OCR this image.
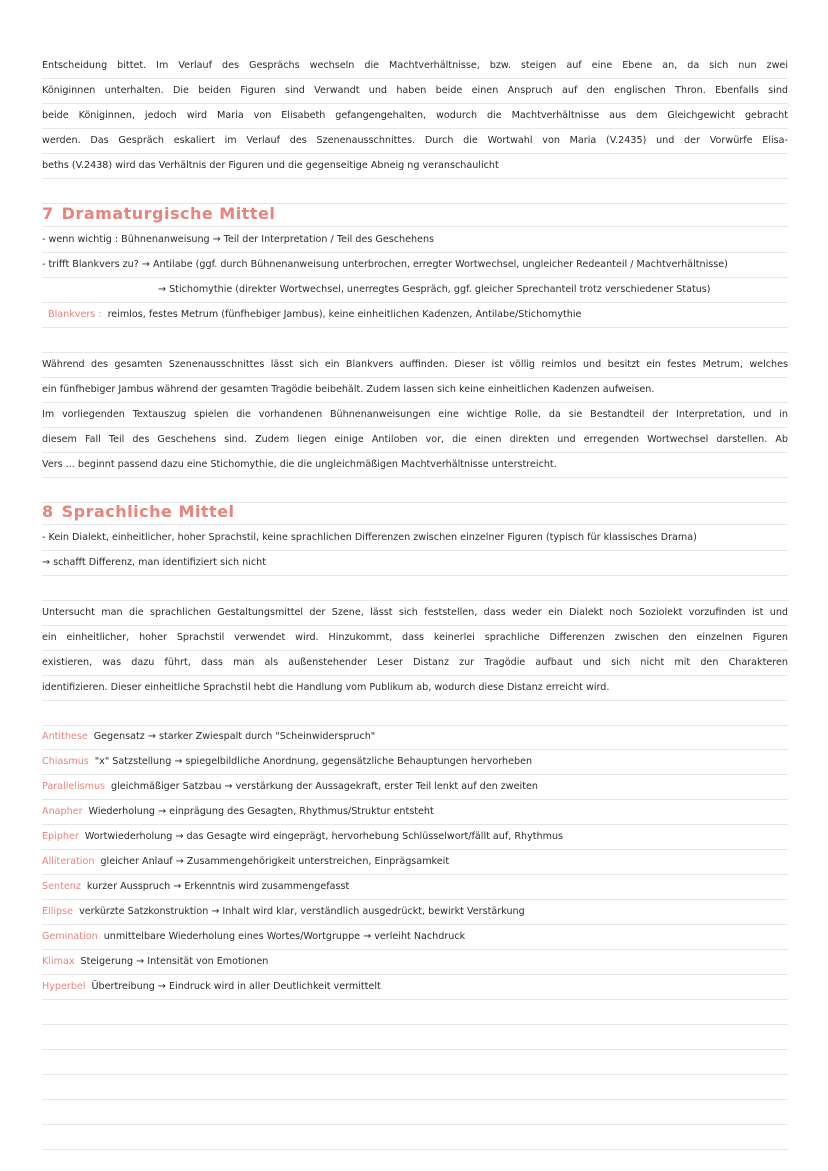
Entscheidung bittet. Im Verlauf des Gesprächs wechseln die Machtverhältnisse, bzw. steigen auf eine Ebene an, da sich nun zwei
Königinnen unterhalten. Die beiden Figuren sind Verwandt und haben beide einen Anspruch auf den englischen Thron. Ebenfalls sind
beide Königinnen, jedoch wird Maria von Elisabeth gefangengehalten, wodurch die Machtverhältnisse aus dem Gleichgewicht gebracht
werden. Das Gespräch eskaliert im Verlauf des Szenenausschnittes. Durch die Wortwahl von Maria (V.2435) und der Vorwürfe Elisa-
beths (V.2438) wird das Verhältnis der Figuren und die gegenseitige Abneig ng veranschaulicht
7 Dramaturgische Mittel
- wenn wichtig : Bühnenanweisung → Teil der Interpretation / Teil des Geschehens
- trifft Blankvers zu? → Antilabe (ggf. durch Bühnenanweisung unterbrochen, erregter Wortwechsel, ungleicher Redeanteil / Machtverhältnisse)
→ Stichomythie (direkter Wortwechsel, unerregtes Gespräch, ggf. gleicher Sprechanteil trotz verschiedener Status)
Blankvers : reimlos, festes Metrum (fünfhebiger Jambus), keine einheitlichen Kadenzen, Antilabe/Stichomythie
Während des gesamten Szenenausschnittes lässt sich ein Blankvers auffinden. Dieser ist völlig reimlos und besitzt ein festes Metrum, welches
ein fünfhebiger Jambus während der gesamten Tragödie beibehält. Zudem lassen sich keine einheitlichen Kadenzen aufweisen.
Im vorliegenden Textauszug spielen die vorhandenen Bühnenanweisungen eine wichtige Rolle, da sie Bestandteil der Interpretation, und in
diesem Fall Teil des Geschehens sind. Zudem liegen einige Antiloben vor, die einen direkten und erregenden Wortwechsel darstellen. Ab
Vers ... beginnt passend dazu eine Stichomythie, die die ungleichmäßigen Machtverhältnisse unterstreicht.
8 Sprachliche Mittel
- Kein Dialekt, einheitlicher, hoher Sprachstil, keine sprachlichen Differenzen zwischen einzelner Figuren (typisch für klassisches Drama)
→ schafft Differenz, man identifiziert sich nicht
Untersucht man die sprachlichen Gestaltungsmittel der Szene, lässt sich feststellen, dass weder ein Dialekt noch Soziolekt vorzufinden ist und
ein einheitlicher, hoher Sprachstil verwendet wird. Hinzukommt, dass keinerlei sprachliche Differenzen zwischen den einzelnen Figuren
existieren, was dazu führt, dass man als außenstehender Leser Distanz zur Tragödie aufbaut und sich nicht mit den Charakteren
identifizieren. Dieser einheitliche Sprachstil hebt die Handlung vom Publikum ab, wodurch diese Distanz erreicht wird.
Antithese Gegensatz → starker Zwiespalt durch "Scheinwiderspruch"
Chiasmus "x" Satzstellung → spiegelbildliche Anordnung, gegensätzliche Behauptungen hervorheben
Parallelismus gleichmäßiger Satzbau → verstärkung der Aussagekraft, erster Teil lenkt auf den zweiten
Anapher Wiederholung → einprägung des Gesagten, Rhythmus/Struktur entsteht
Epipher Wortwiederholung → das Gesagte wird eingeprägt, hervorhebung Schlüsselwort/fällt auf, Rhythmus
Alliteration gleicher Anlauf → Zusammengehörigkeit unterstreichen, Einprägsamkeit
Sentenz kurzer Ausspruch → Erkenntnis wird zusammengefasst
Ellipse verkürzte Satzkonstruktion → Inhalt wird klar, verständlich ausgedrückt, bewirkt Verstärkung
Gemination unmittelbare Wiederholung eines Wortes/Wortgruppe → verleiht Nachdruck
Klimax Steigerung → Intensität von Emotionen
Hyperbel Übertreibung → Eindruck wird in aller Deutlichkeit vermittelt
